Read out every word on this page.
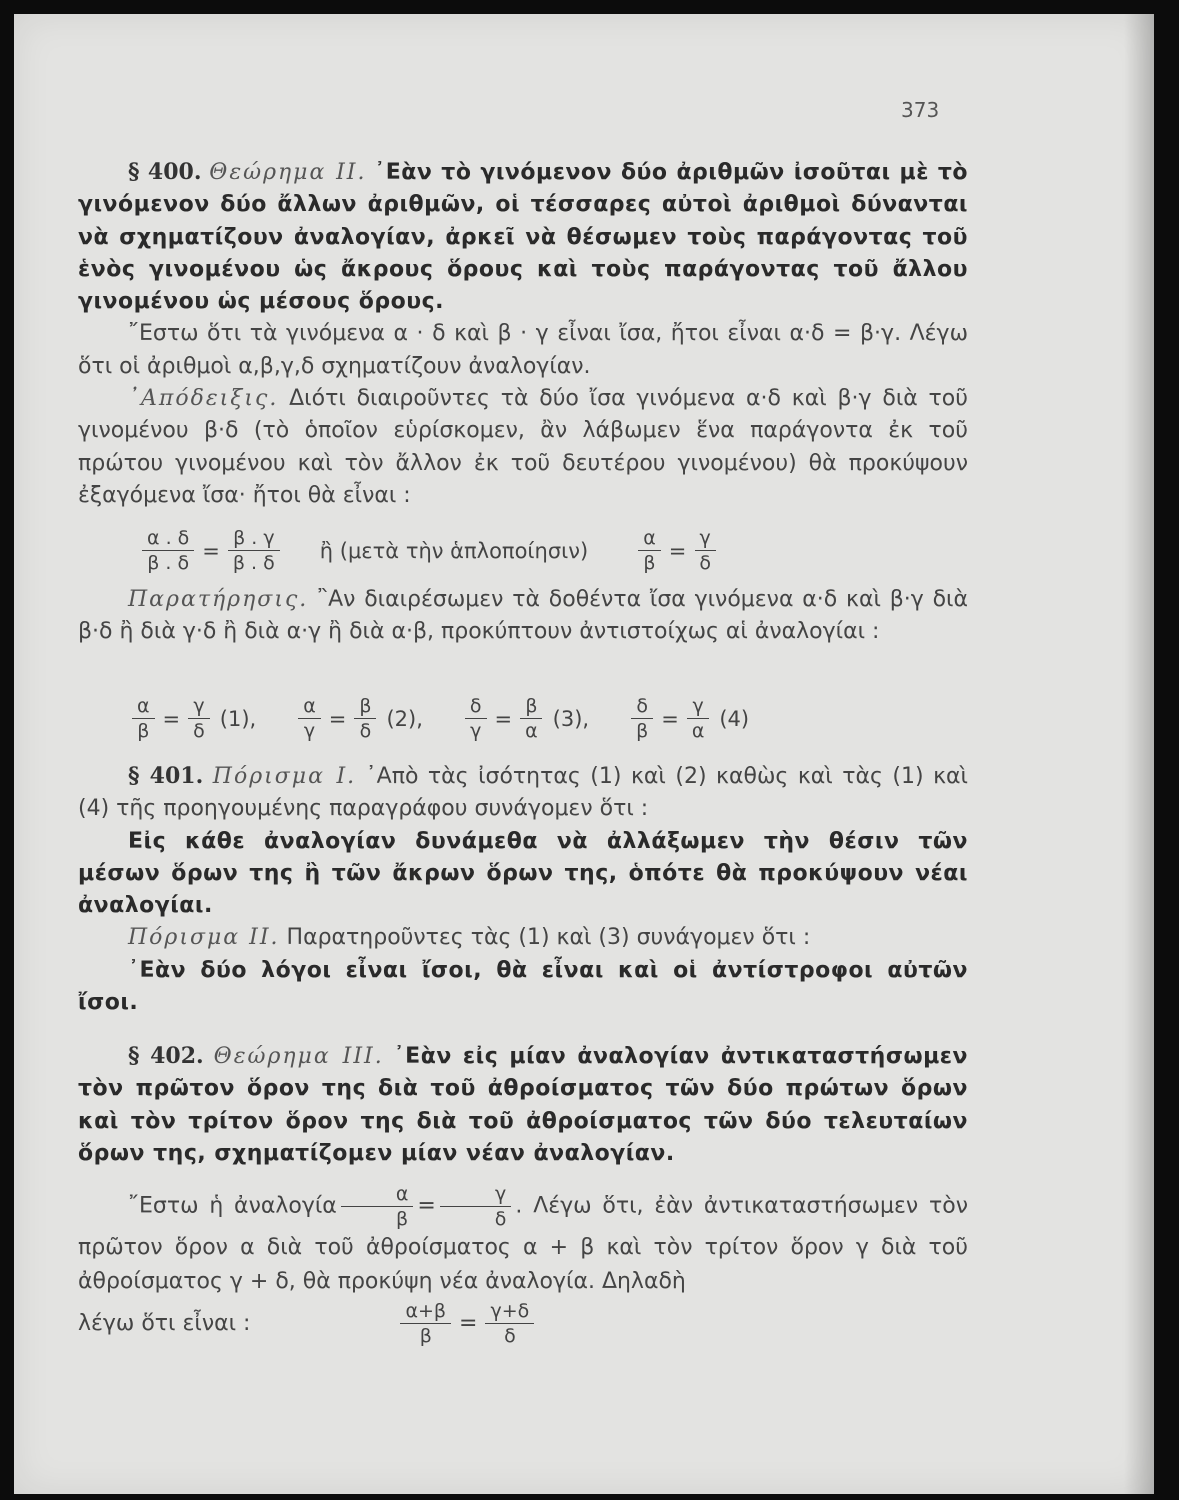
373

§ 400. Θεώρημα ΙΙ. ᾿Εὰν τὸ γινόμενον δύο ἀριθμῶν ἰσοῦται μὲ τὸ γινόμενον δύο ἄλλων ἀριθμῶν, οἱ τέσσαρες αὐτοὶ ἀριθμοὶ δύνανται νὰ σχηματίζουν ἀναλογίαν, ἀρκεῖ νὰ θέσωμεν τοὺς παράγοντας τοῦ ἑνὸς γινομένου ὡς ἄκρους ὅρους καὶ τοὺς παράγοντας τοῦ ἄλλου γινομένου ὡς μέσους ὅρους.

῎Εστω ὅτι τὰ γινόμενα α · δ καὶ β · γ εἶναι ἴσα, ἤτοι εἶναι α·δ = β·γ. Λέγω ὅτι οἱ ἀριθμοὶ α,β,γ,δ σχηματίζουν ἀναλογίαν.

᾿Απόδειξις. Διότι διαιροῦντες τὰ δύο ἴσα γινόμενα α·δ καὶ β·γ διὰ τοῦ γινομένου β·δ (τὸ ὁποῖον εὑρίσκομεν, ἂν λάβωμεν ἕνα παράγοντα ἐκ τοῦ πρώτου γινομένου καὶ τὸν ἄλλον ἐκ τοῦ δευτέρου γινομένου) θὰ προκύψουν ἐξαγόμενα ἴσα· ἤτοι θὰ εἶναι :

$\frac{\alpha . \delta}{\beta . \delta} = \frac{\beta . \gamma}{\beta . \delta}$ ἢ (μετὰ τὴν ἁπλοποίησιν)	$\frac{\alpha}{\beta} = \frac{\gamma}{\delta}$

Παρατήρησις. ῍Αν διαιρέσωμεν τὰ δοθέντα ἴσα γινόμενα α·δ καὶ β·γ διὰ β·δ ἢ διὰ γ·δ ἢ διὰ α·γ ἢ διὰ α·β, προκύπτουν ἀντιστοίχως αἱ ἀναλογίαι :

$\frac{\alpha}{\beta} = \frac{\gamma}{\delta} (1)$, $\frac{\alpha}{\gamma} = \frac{\beta}{\delta} (2)$, $\frac{\delta}{\gamma} = \frac{\beta}{\alpha} (3)$, $\frac{\delta}{\beta} = \frac{\gamma}{\alpha} (4)$

§ 401. Πόρισμα Ι. ᾿Απὸ τὰς ἰσότητας (1) καὶ (2) καθὼς καὶ τὰς (1) καὶ (4) τῆς προηγουμένης παραγράφου συνάγομεν ὅτι :

Εἰς κάθε ἀναλογίαν δυνάμεθα νὰ ἀλλάξωμεν τὴν θέσιν τῶν μέσων ὅρων της ἢ τῶν ἄκρων ὅρων της, ὁπότε θὰ προκύψουν νέαι ἀναλογίαι.

Πόρισμα ΙΙ. Παρατηροῦντες τὰς (1) καὶ (3) συνάγομεν ὅτι :

᾿Εὰν δύο λόγοι εἶναι ἴσοι, θὰ εἶναι καὶ οἱ ἀντίστροφοι αὐτῶν ἴσοι.

§ 402. Θεώρημα ΙΙΙ. ᾿Εὰν εἰς μίαν ἀναλογίαν ἀντικαταστήσωμεν τὸν πρῶτον ὅρον της διὰ τοῦ ἀθροίσματος τῶν δύο πρώτων ὅρων καὶ τὸν τρίτον ὅρον της διὰ τοῦ ἀθροίσματος τῶν δύο τελευταίων ὅρων της, σχηματίζομεν μίαν νέαν ἀναλογίαν.

῎Εστω ἡ ἀναλογία $\frac{\alpha}{\beta} = \frac{\gamma}{\delta}$ . Λέγω ὅτι, ἐὰν ἀντικαταστήσωμεν τὸν πρῶτον ὅρον α διὰ τοῦ ἀθροίσματος α + β καὶ τὸν τρίτον ὅρον γ διὰ τοῦ ἀθροίσματος γ + δ, θὰ προκύψη νέα ἀναλογία. Δηλαδὴ

λέγω ὅτι εἶναι :	$\frac{\alpha+\beta}{\beta} = \frac{\gamma+\delta}{\delta}$
